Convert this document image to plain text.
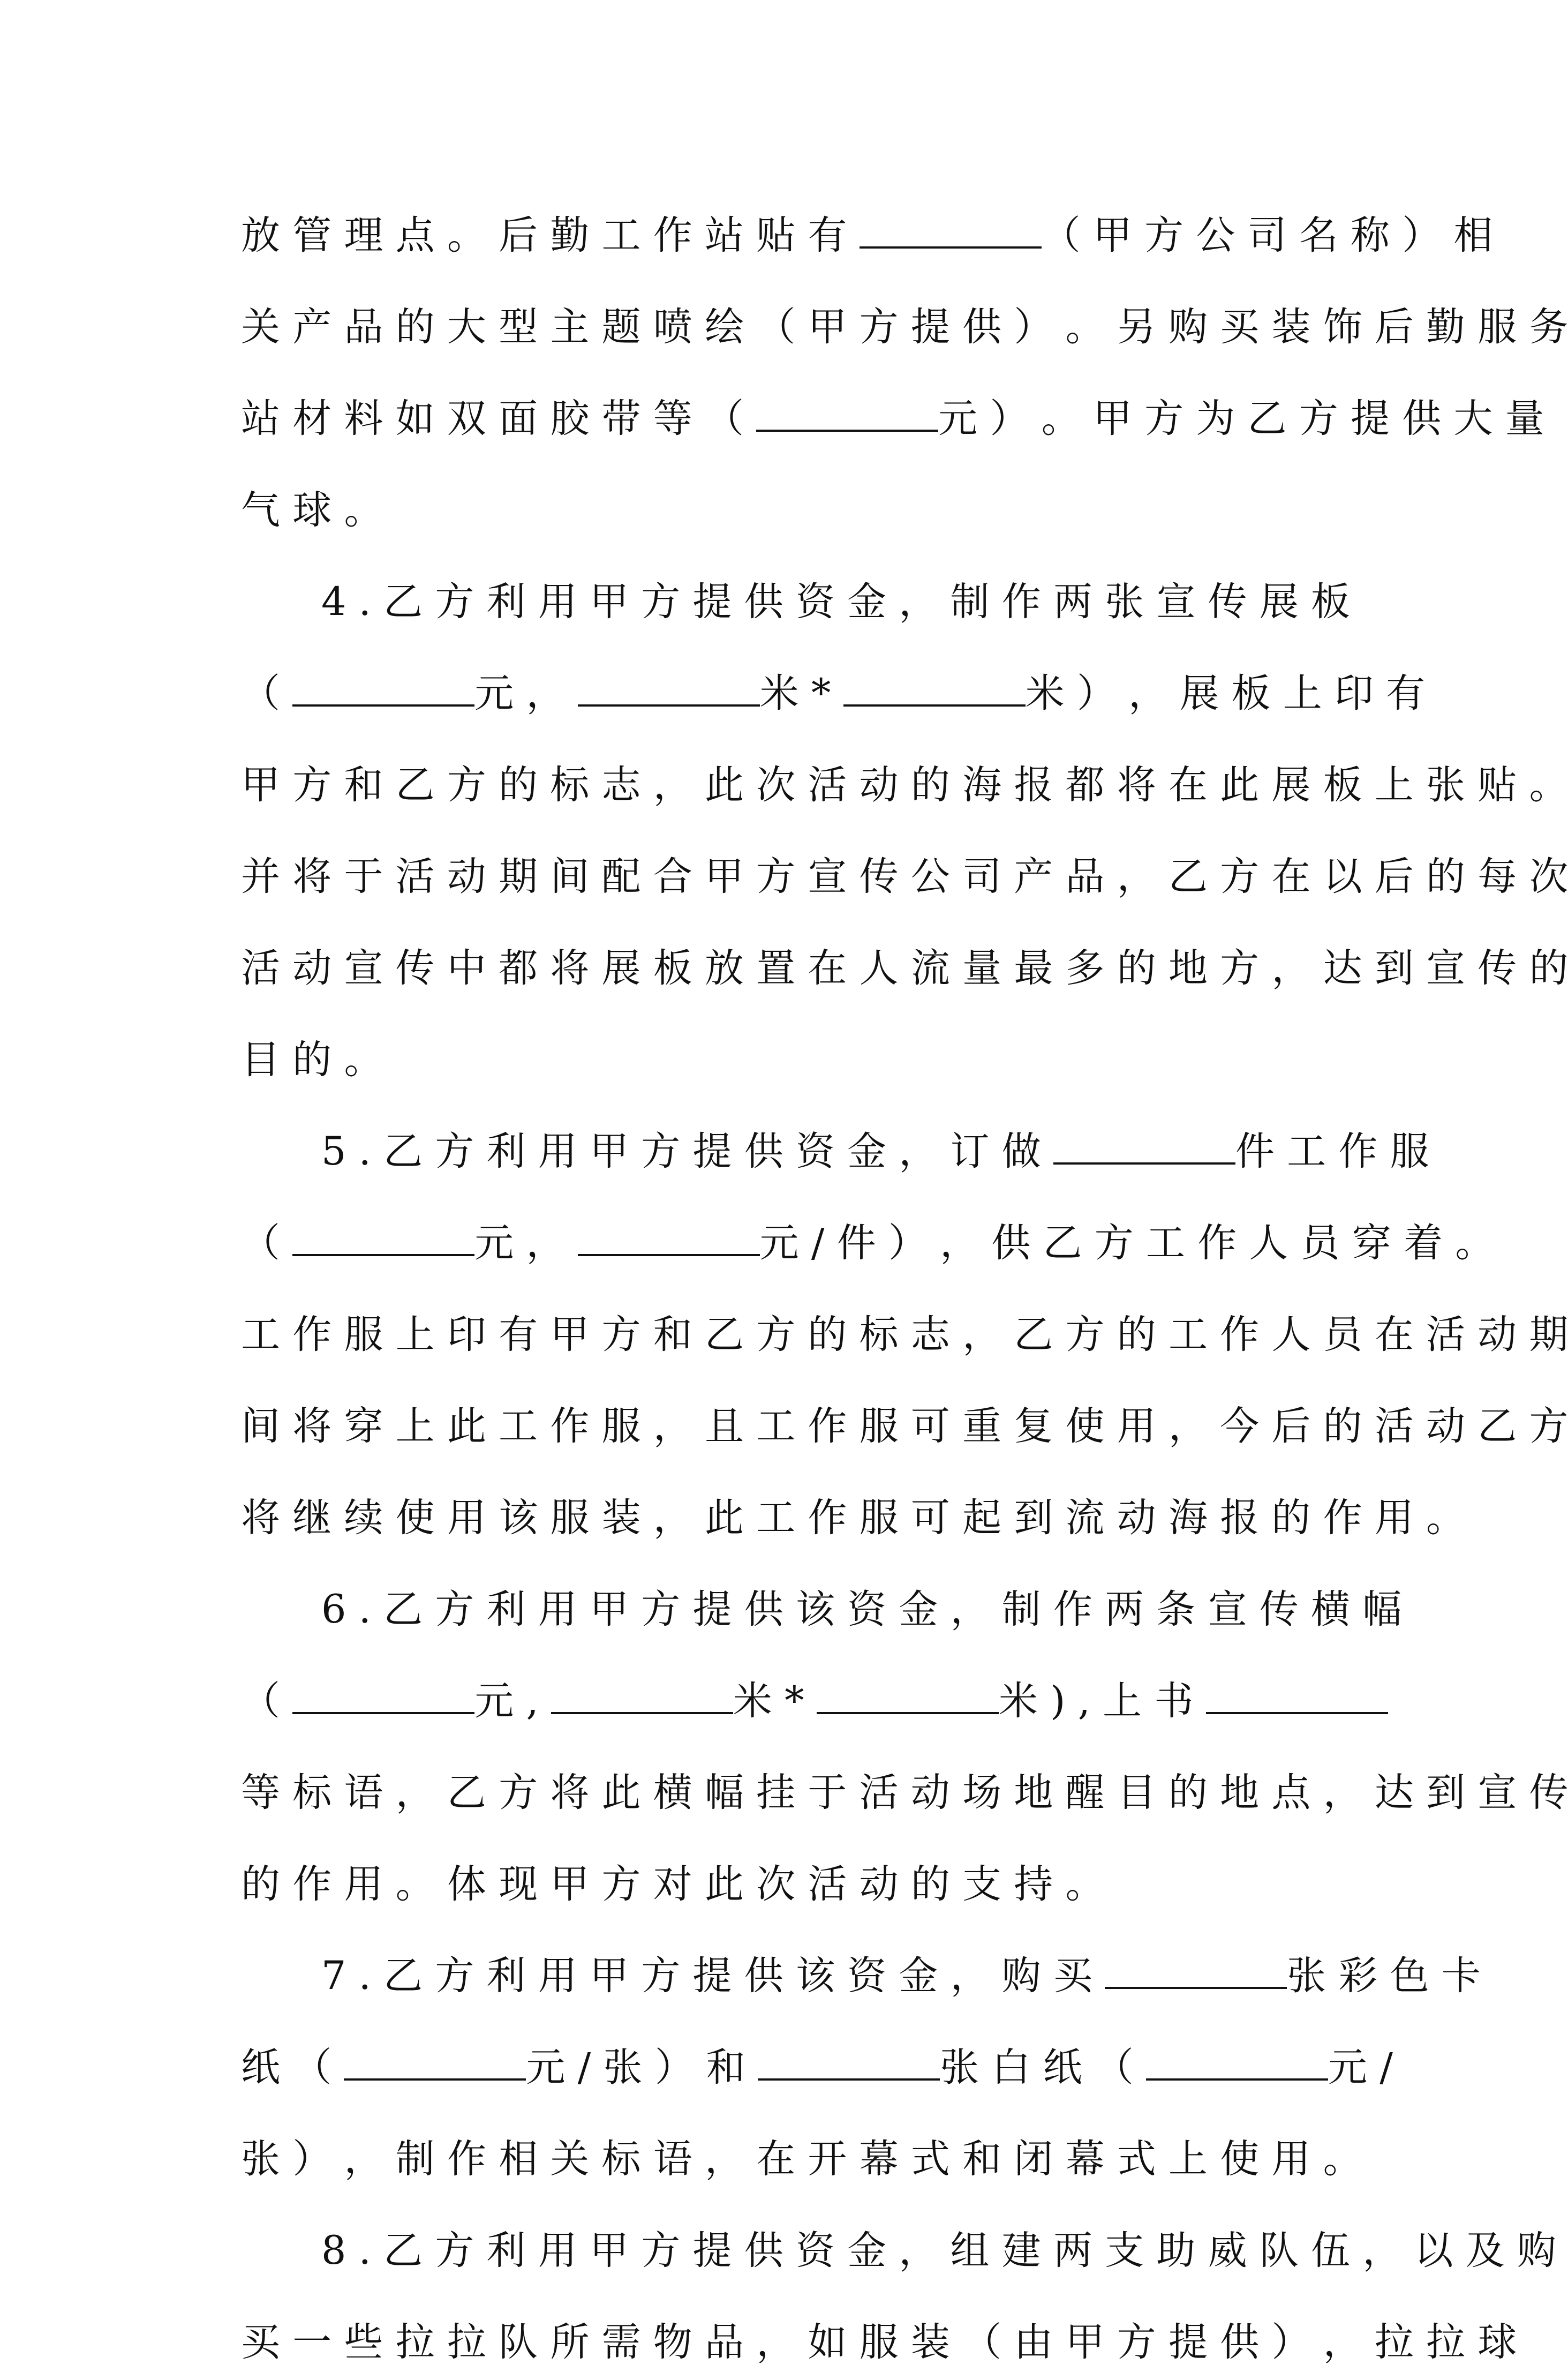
放 管 理 点 。 后 勤 工 作 站 贴 有	（ 甲 方 公 司 名 称 ） 相
关 产 品 的 大 型 主 题 喷 绘 （ 甲 方 提 供 ） 。 另 购 买 装 饰 后 勤 服 务
站 材 料 如 双 面 胶 带 等 （	元 ） 。 甲 方 为 乙 方 提 供 大 量
气 球 。
4 . 乙 方 利 用 甲 方 提 供 资 金 ， 制 作 两 张 宣 传 展 板
（	元 ，	米 *	米 ） ， 展 板 上 印 有
甲 方 和 乙 方 的 标 志 ， 此 次 活 动 的 海 报 都 将 在 此 展 板 上 张 贴 。
并 将 于 活 动 期 间 配 合 甲 方 宣 传 公 司 产 品 ， 乙 方 在 以 后 的 每 次
活 动 宣 传 中 都 将 展 板 放 置 在 人 流 量 最 多 的 地 方 ， 达 到 宣 传 的
目 的 。
5 . 乙 方 利 用 甲 方 提 供 资 金 ， 订 做	件 工 作 服
（	元 ，	元 / 件 ） ， 供 乙 方 工 作 人 员 穿 着 。
工 作 服 上 印 有 甲 方 和 乙 方 的 标 志 ， 乙 方 的 工 作 人 员 在 活 动 期
间 将 穿 上 此 工 作 服 ， 且 工 作 服 可 重 复 使 用 ， 今 后 的 活 动 乙 方
将 继 续 使 用 该 服 装 ， 此 工 作 服 可 起 到 流 动 海 报 的 作 用 。
6 . 乙 方 利 用 甲 方 提 供 该 资 金 ， 制 作 两 条 宣 传 横 幅
（	元 ,	米 *	米 ) , 上 书
等 标 语 ， 乙 方 将 此 横 幅 挂 于 活 动 场 地 醒 目 的 地 点 ， 达 到 宣 传
的 作 用 。 体 现 甲 方 对 此 次 活 动 的 支 持 。
7 . 乙 方 利 用 甲 方 提 供 该 资 金 ， 购 买	张 彩 色 卡
纸 （	元 / 张 ） 和	张 白 纸 （	元 /
张 ） ， 制 作 相 关 标 语 ， 在 开 幕 式 和 闭 幕 式 上 使 用 。
8 . 乙 方 利 用 甲 方 提 供 资 金 ， 组 建 两 支 助 威 队 伍 ， 以 及 购
买 一 些 拉 拉 队 所 需 物 品 ， 如 服 装 （ 由 甲 方 提 供 ） ， 拉 拉 球
